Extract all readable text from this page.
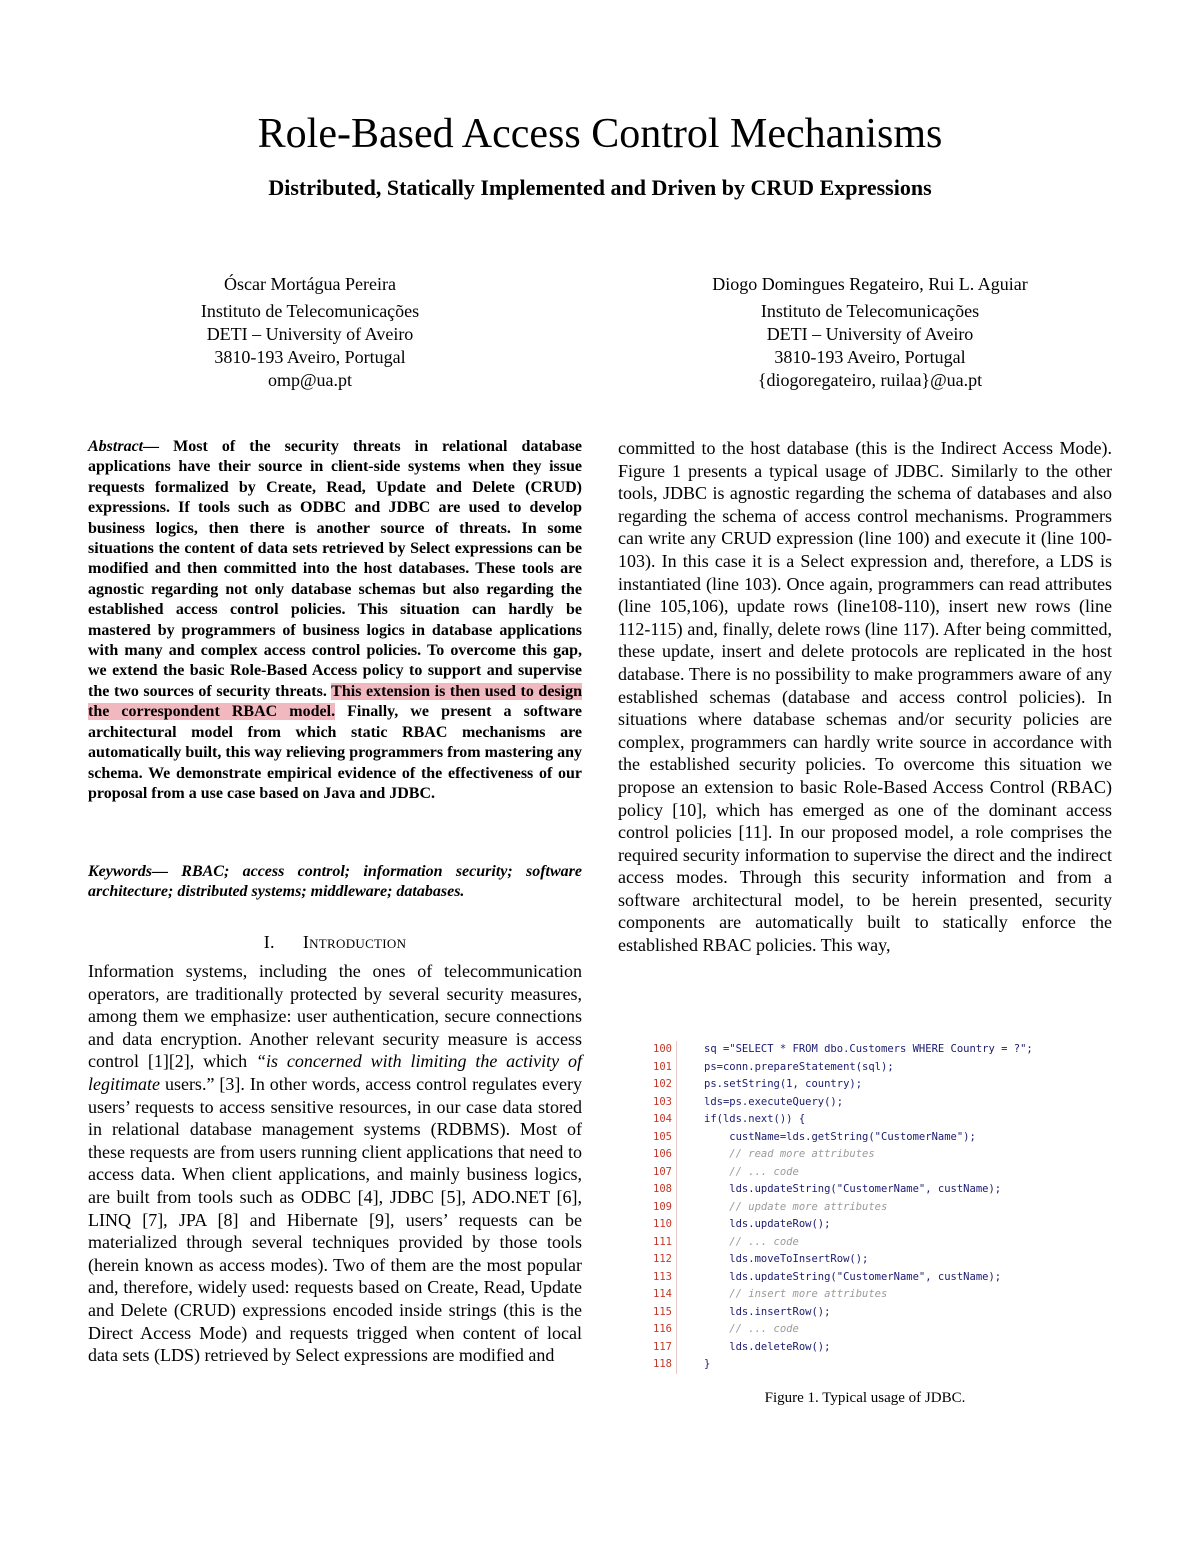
Role-Based Access Control Mechanisms
Distributed, Statically Implemented and Driven by CRUD Expressions
Óscar Mortágua Pereira
Instituto de Telecomunicações
DETI – University of Aveiro
3810-193 Aveiro, Portugal
omp@ua.pt
Diogo Domingues Regateiro, Rui L. Aguiar
Instituto de Telecomunicações
DETI – University of Aveiro
3810-193 Aveiro, Portugal
{diogoregateiro, ruilaa}@ua.pt
Abstract— Most of the security threats in relational database applications have their source in client-side systems when they issue requests formalized by Create, Read, Update and Delete (CRUD) expressions. If tools such as ODBC and JDBC are used to develop business logics, then there is another source of threats. In some situations the content of data sets retrieved by Select expressions can be modified and then committed into the host databases. These tools are agnostic regarding not only database schemas but also regarding the established access control policies. This situation can hardly be mastered by programmers of business logics in database applications with many and complex access control policies. To overcome this gap, we extend the basic Role-Based Access policy to support and supervise the two sources of security threats. This extension is then used to design the correspondent RBAC model. Finally, we present a software architectural model from which static RBAC mechanisms are automatically built, this way relieving programmers from mastering any schema. We demonstrate empirical evidence of the effectiveness of our proposal from a use case based on Java and JDBC.
Keywords— RBAC; access control; information security; software architecture; distributed systems; middleware; databases.
I. Introduction
Information systems, including the ones of telecommunication operators, are traditionally protected by several security measures, among them we emphasize: user authentication, secure connections and data encryption. Another relevant security measure is access control [1][2], which “is concerned with limiting the activity of legitimate users.” [3]. In other words, access control regulates every users’ requests to access sensitive resources, in our case data stored in relational database management systems (RDBMS). Most of these requests are from users running client applications that need to access data. When client applications, and mainly business logics, are built from tools such as ODBC [4], JDBC [5], ADO.NET [6], LINQ [7], JPA [8] and Hibernate [9], users’ requests can be materialized through several techniques provided by those tools (herein known as access modes). Two of them are the most popular and, therefore, widely used: requests based on Create, Read, Update and Delete (CRUD) expressions encoded inside strings (this is the Direct Access Mode) and requests trigged when content of local data sets (LDS) retrieved by Select expressions are modified and
committed to the host database (this is the Indirect Access Mode). Figure 1 presents a typical usage of JDBC. Similarly to the other tools, JDBC is agnostic regarding the schema of databases and also regarding the schema of access control mechanisms. Programmers can write any CRUD expression (line 100) and execute it (line 100-103). In this case it is a Select expression and, therefore, a LDS is instantiated (line 103). Once again, programmers can read attributes (line 105,106), update rows (line108-110), insert new rows (line 112-115) and, finally, delete rows (line 117). After being committed, these update, insert and delete protocols are replicated in the host database. There is no possibility to make programmers aware of any established schemas (database and access control policies). In situations where database schemas and/or security policies are complex, programmers can hardly write source in accordance with the established security policies. To overcome this situation we propose an extension to basic Role-Based Access Control (RBAC) policy [10], which has emerged as one of the dominant access control policies [11]. In our proposed model, a role comprises the required security information to supervise the direct and the indirect access modes. Through this security information and from a software architectural model, to be herein presented, security components are automatically built to statically enforce the established RBAC policies. This way,
100	sq ="SELECT * FROM dbo.Customers WHERE Country = ?";
101	ps=conn.prepareStatement(sql);
102	ps.setString(1, country);
103	lds=ps.executeQuery();
104	if(lds.next()) {
105	custName=lds.getString("CustomerName");
106	// read more attributes
107	// ... code
108	lds.updateString("CustomerName", custName);
109	// update more attributes
110	lds.updateRow();
111	// ... code
112	lds.moveToInsertRow();
113	lds.updateString("CustomerName", custName);
114	// insert more attributes
115	lds.insertRow();
116	// ... code
117	lds.deleteRow();
118	}
Figure 1. Typical usage of JDBC.
